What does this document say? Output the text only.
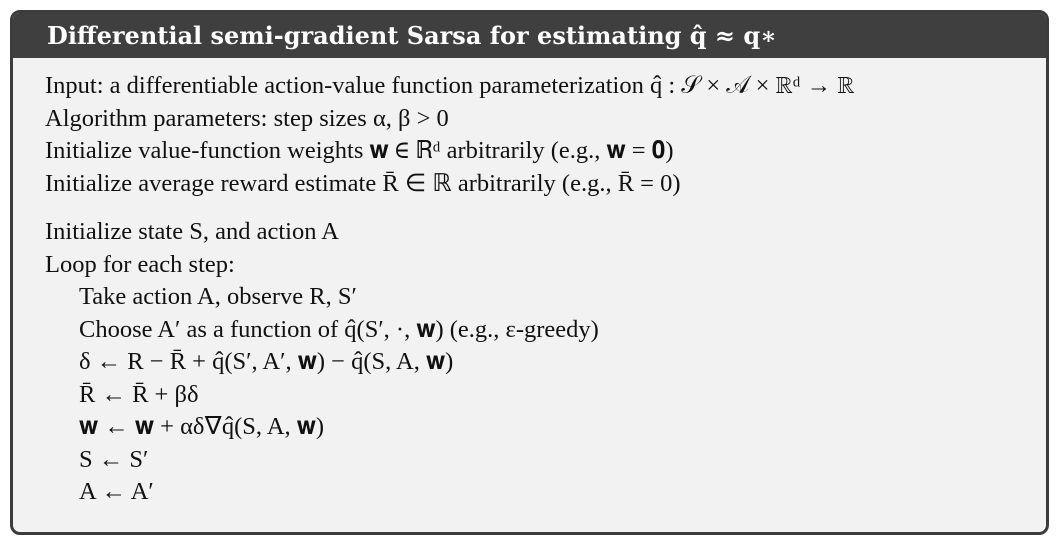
Differential semi-gradient Sarsa for estimating q̂ ≈ q∗
Input: a differentiable action-value function parameterization q̂ : 𝒮 × 𝒜 × ℝᵈ → ℝ
Algorithm parameters: step sizes α, β > 0
Initialize value-function weights 𝐰 ∈ ℝᵈ arbitrarily (e.g., 𝐰 = 𝟎)
Initialize average reward estimate R̄ ∈ ℝ arbitrarily (e.g., R̄ = 0)
Initialize state S, and action A
Loop for each step:
Take action A, observe R, S′
Choose A′ as a function of q̂(S′, ·, 𝐰) (e.g., ε-greedy)
δ ← R − R̄ + q̂(S′, A′, 𝐰) − q̂(S, A, 𝐰)
R̄ ← R̄ + βδ
𝐰 ← 𝐰 + αδ∇q̂(S, A, 𝐰)
S ← S′
A ← A′
